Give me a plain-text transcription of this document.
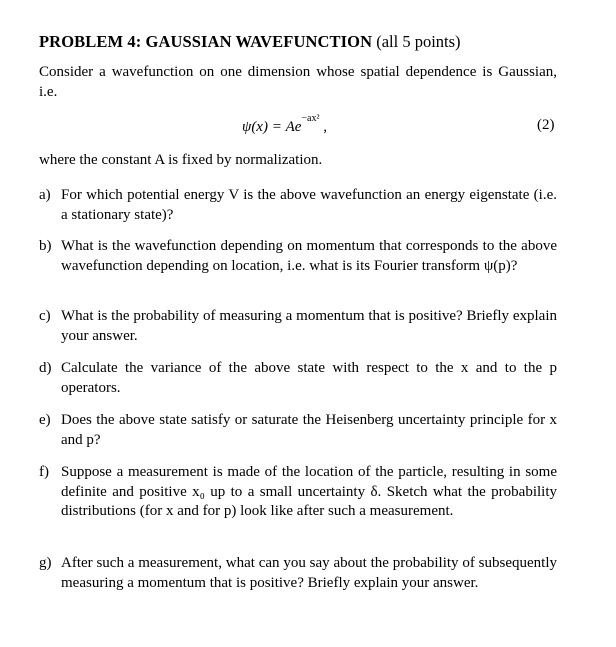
PROBLEM 4: GAUSSIAN WAVEFUNCTION (all 5 points)
Consider a wavefunction on one dimension whose spatial dependence is Gaussian, i.e.
$\psi(x) = Ae^{-ax^2}$ ,	(2)
where the constant A is fixed by normalization.
a) For which potential energy V is the above wavefunction an energy eigenstate (i.e. a stationary state)?
b) What is the wavefunction depending on momentum that corresponds to the above wavefunction depending on location, i.e. what is its Fourier transform ψ(p)?
c) What is the probability of measuring a momentum that is positive? Briefly explain your answer.
d) Calculate the variance of the above state with respect to the x and to the p operators.
e) Does the above state satisfy or saturate the Heisenberg uncertainty principle for x and p?
f) Suppose a measurement is made of the location of the particle, resulting in some definite and positive x₀ up to a small uncertainty δ. Sketch what the probability distributions (for x and for p) look like after such a measurement.
g) After such a measurement, what can you say about the probability of subsequently measuring a momentum that is positive? Briefly explain your answer.
